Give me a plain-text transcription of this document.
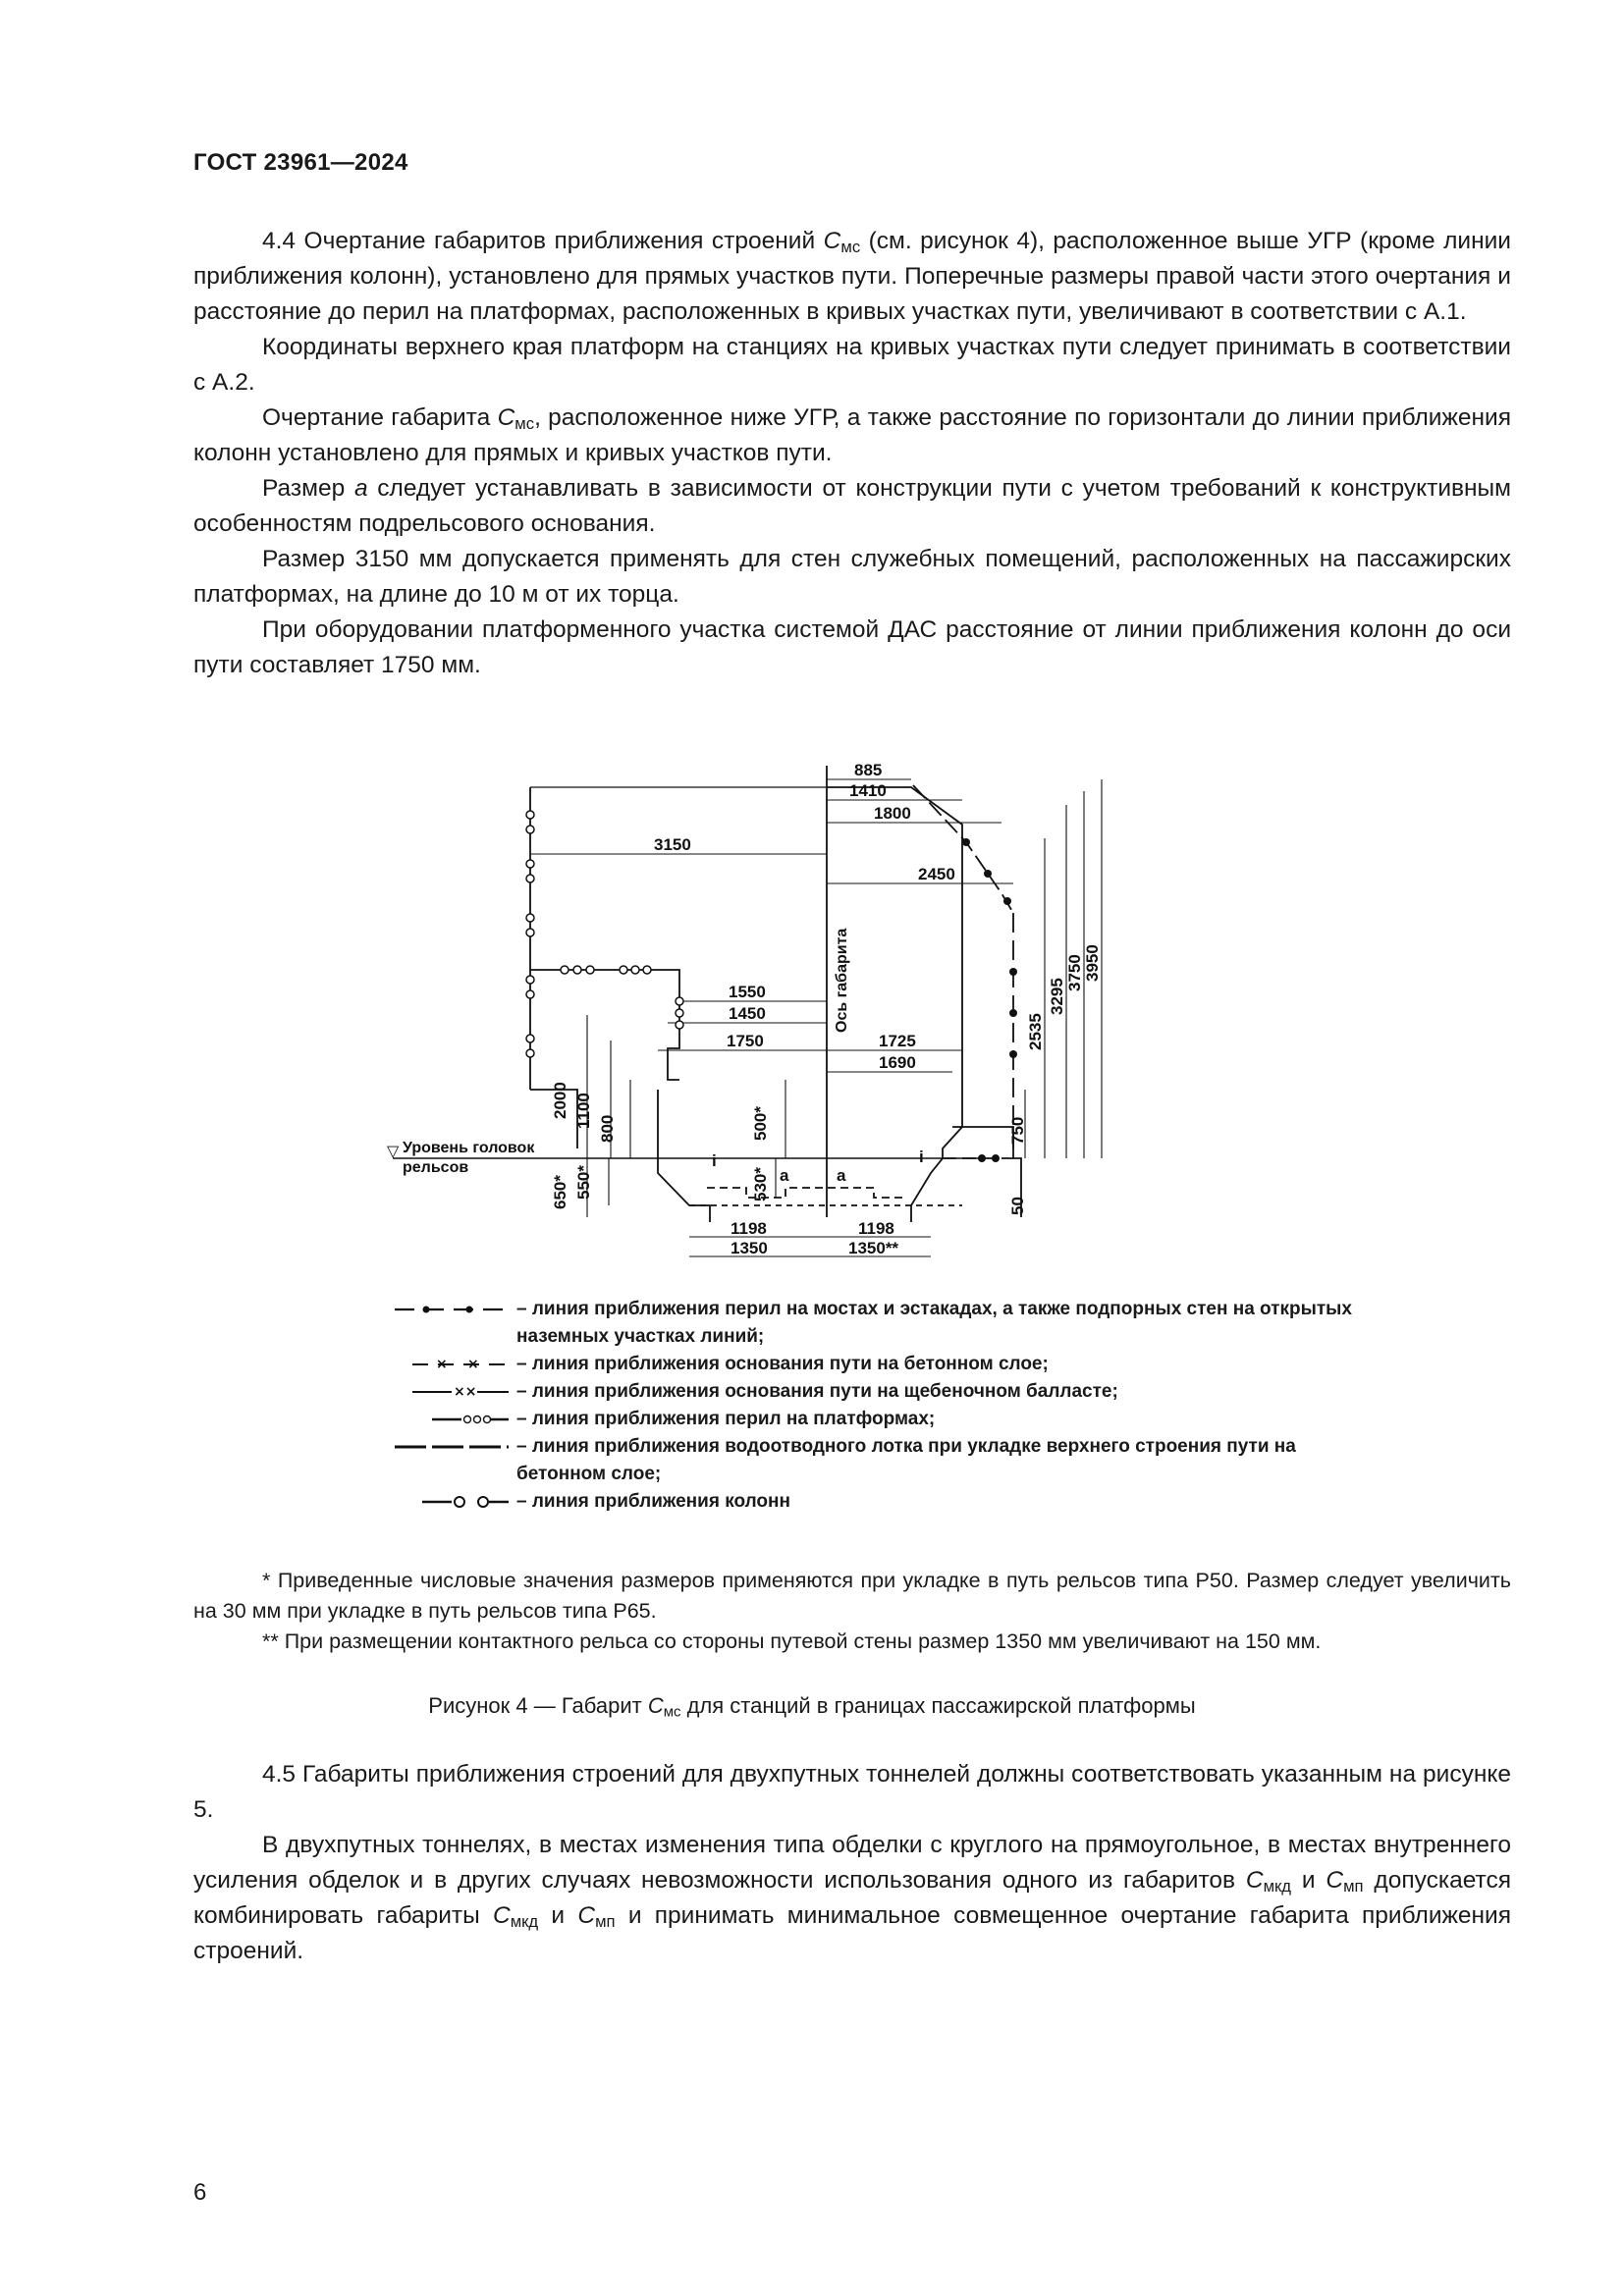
ГОСТ 23961—2024

4.4 Очертание габаритов приближения строений $С_{мс}$ (см. рисунок 4), расположенное выше УГР (кроме линии приближения колонн), установлено для прямых участков пути. Поперечные размеры правой части этого очертания и расстояние до перил на платформах, расположенных в кривых участках пути, увеличивают в соответствии с А.1.

Координаты верхнего края платформ на станциях на кривых участках пути следует принимать в соответствии с А.2.

Очертание габарита $С_{мс}$, расположенное ниже УГР, а также расстояние по горизонтали до линии приближения колонн установлено для прямых и кривых участков пути.

Размер а следует устанавливать в зависимости от конструкции пути с учетом требований к конструктивным особенностям подрельсового основания.

Размер 3150 мм допускается применять для стен служебных помещений, расположенных на пассажирских платформах, на длине до 10 м от их торца.

При оборудовании платформенного участка системой ДАС расстояние от линии приближения колонн до оси пути составляет 1750 мм.

885
1410
1800
2450
3150
1550
1450
1750	1725
1690
1198	1198
1350	1350**
a	a
i	i
2000 1100 800
650* 550*
500*
530*
2535
3295
3750 3950
750
50
Ось габарита
▽ Уровень головок
рельсов
– линия приближения перил на мостах и эстакадах, а также подпорных стен на открытых наземных участках линий;
× ×	– линия приближения основания пути на бетонном слое;
××	– линия приближения основания пути на щебеночном балласте;
– линия приближения перил на платформах;
– линия приближения водоотводного лотка при укладке верхнего строения пути на бетонном слое;
– линия приближения колонн

* Приведенные числовые значения размеров применяются при укладке в путь рельсов типа Р50. Размер следует увеличить на 30 мм при укладке в путь рельсов типа Р65.

** При размещении контактного рельса со стороны путевой стены размер 1350 мм увеличивают на 150 мм.

Рисунок 4 — Габарит $С_{мс}$ для станций в границах пассажирской платформы

4.5 Габариты приближения строений для двухпутных тоннелей должны соответствовать указанным на рисунке 5.

В двухпутных тоннелях, в местах изменения типа обделки с круглого на прямоугольное, в местах внутреннего усиления обделок и в других случаях невозможности использования одного из габаритов $С_{мкд}$ и $С_{мп}$ допускается комбинировать габариты $С_{мкд}$ и $С_{мп}$ и принимать минимальное совмещенное очертание габарита приближения строений.

6
